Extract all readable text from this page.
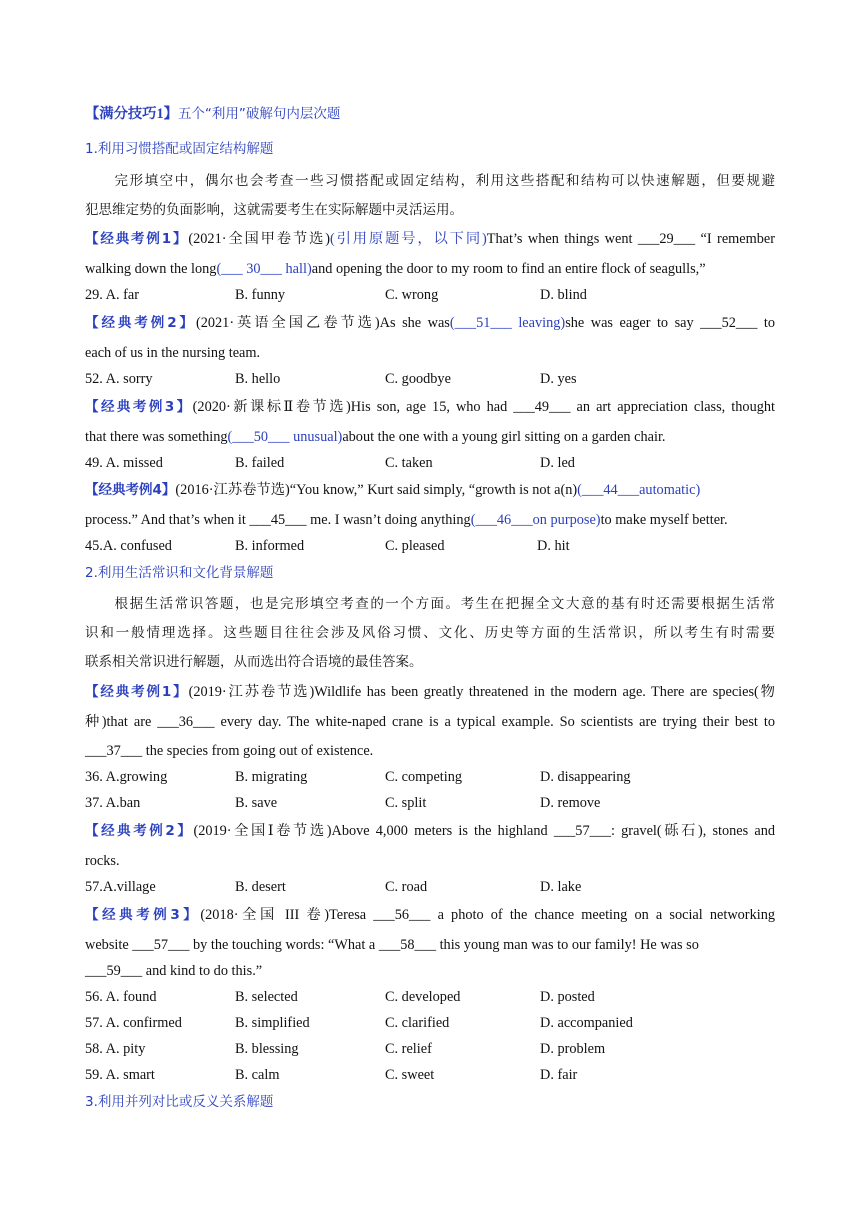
【满分技巧1】五个“利用”破解句内层次题
1.利用习惯搭配或固定结构解题
完形填空中，偶尔也会考查一些习惯搭配或固定结构，利用这些搭配和结构可以快速解题，但要规避
犯思维定势的负面影响，这就需要考生在实际解题中灵活运用。
【经典考例1】(2021·全国甲卷节选)(引用原题号，以下同)That’s when things went ___29___ “I remember
walking down the long(___ 30___ hall)and opening the door to my room to find an entire flock of seagulls,”
29. A. far	B. funny	C. wrong	D. blind
【经典考例2】(2021·英语全国乙卷节选)As she was(___51___ leaving)she was eager to say ___52___ to
each of us in the nursing team.
52. A. sorry	B. hello	C. goodbye	D. yes
【经典考例3】(2020·新课标Ⅱ卷节选)His son, age 15, who had ___49___ an art appreciation class, thought
that there was something(___50___ unusual)about the one with a young girl sitting on a garden chair.
49. A. missed	B. failed	C. taken	D. led
【经典考例4】(2016·江苏卷节选)“You know,” Kurt said simply, “growth is not a(n)(___44___automatic)
process.” And that’s when it ___45___ me. I wasn’t doing anything(___46___on purpose)to make myself better.
45.A. confused	B. informed	C. pleased	D. hit
2.利用生活常识和文化背景解题
根据生活常识答题，也是完形填空考查的一个方面。考生在把握全文大意的基有时还需要根据生活常
识和一般情理选择。这些题目往往会涉及风俗习惯、文化、历史等方面的生活常识，所以考生有时需要
联系相关常识进行解题，从而选出符合语境的最佳答案。
【经典考例1】(2019·江苏卷节选)Wildlife has been greatly threatened in the modern age. There are species(物
种)that are ___36___ every day. The white-naped crane is a typical example. So scientists are trying their best to
___37___ the species from going out of existence.
36. A.growing	B. migrating	C. competing	D. disappearing
37. A.ban	B. save	C. split	D. remove
【经典考例2】(2019·全国Ⅰ卷节选)Above 4,000 meters is the highland ___57___: gravel(砾石), stones and
rocks.
57.A.village	B. desert	C. road	D. lake
【经典考例3】(2018·全国 III 卷)Teresa ___56___ a photo of the chance meeting on a social networking
website ___57___ by the touching words: “What a ___58___ this young man was to our family! He was so
___59___ and kind to do this.”
56. A. found	B. selected	C. developed	D. posted
57. A. confirmed	B. simplified	C. clarified	D. accompanied
58. A. pity	B. blessing	C. relief	D. problem
59. A. smart	B. calm	C. sweet	D. fair
3.利用并列对比或反义关系解题
